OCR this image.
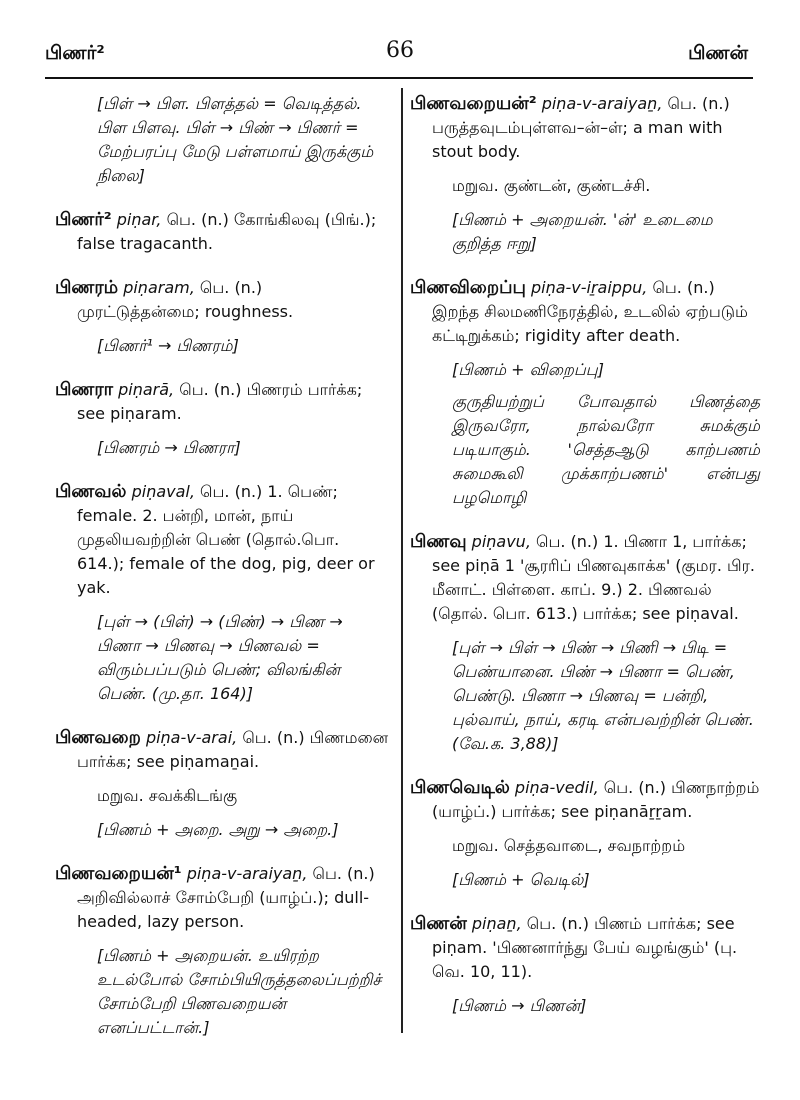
பிணர்²	66	பிணன்
[பிள் → பிள. பிளத்தல் = வெடித்தல். பிள பிளவு. பிள் → பிண் → பிணர் = மேற்பரப்பு மேடு பள்ளமாய் இருக்கும் நிலை]
பிணர்² piṇar, பெ. (n.) கோங்கிலவு (பிங்.); false tragacanth.
பிணரம் piṇaram, பெ. (n.) முரட்டுத்தன்மை; roughness.
[பிணர்¹ → பிணரம்]
பிணரா piṇarā, பெ. (n.) பிணரம் பார்க்க; see piṇaram.
[பிணரம் → பிணரா]
பிணவல் piṇaval, பெ. (n.) 1. பெண்; female. 2. பன்றி, மான், நாய் முதலியவற்றின் பெண் (தொல்.பொ. 614.); female of the dog, pig, deer or yak.
[புள் → (பிள்) → (பிண்) → பிண → பிணா → பிணவு → பிணவல் = விரும்பப்படும் பெண்; விலங்கின் பெண். (மு.தா. 164)]
பிணவறை piṇa-v-arai, பெ. (n.) பிணமனை பார்க்க; see piṇamaṉai.
மறுவ. சவக்கிடங்கு
[பிணம் + அறை. அறு → அறை.]
பிணவறையன்¹ piṇa-v-araiyaṉ, பெ. (n.) அறிவில்லாச் சோம்பேறி (யாழ்ப்.); dull-headed, lazy person.
[பிணம் + அறையன். உயிரற்ற உடல்போல் சோம்பியிருத்தலைப்பற்றிச் சோம்பேறி பிணவறையன் எனப்பட்டான்.]
பிணவறையன்² piṇa-v-araiyaṉ, பெ. (n.) பருத்தவுடம்புள்ளவ–ன்–ள்; a man with stout body.
மறுவ. குண்டன், குண்டச்சி.
[பிணம் + அறையன். 'ன்' உடைமை குறித்த ஈறு]
பிணவிறைப்பு piṇa-v-iṟaippu, பெ. (n.) இறந்த சிலமணிநேரத்தில், உடலில் ஏற்படும் கட்டிறுக்கம்; rigidity after death.
[பிணம் + விறைப்பு]
குருதியற்றுப் போவதால் பிணத்தை இருவரோ, நால்வரோ சுமக்கும் படியாகும். 'செத்தஆடு காற்பணம் சுமைகூலி முக்காற்பணம்' என்பது பழமொழி
பிணவு piṇavu, பெ. (n.) 1. பிணா 1, பார்க்க; see piṇā 1 'சூரரிப் பிணவுகாக்க' (குமர. பிர. மீனாட். பிள்ளை. காப். 9.) 2. பிணவல் (தொல். பொ. 613.) பார்க்க; see piṇaval.
[புள் → பிள் → பிண் → பிணி → பிடி = பெண்யானை. பிண் → பிணா = பெண், பெண்டு. பிணா → பிணவு = பன்றி, புல்வாய், நாய், கரடி என்பவற்றின் பெண். (வே.க. 3,88)]
பிணவெடில் piṇa-vedil, பெ. (n.) பிணநாற்றம் (யாழ்ப்.) பார்க்க; see piṇanāṟṟam.
மறுவ. செத்தவாடை, சவநாற்றம்
[பிணம் + வெடில்]
பிணன் piṇaṉ, பெ. (n.) பிணம் பார்க்க; see piṇam. 'பிணனார்ந்து பேய் வழங்கும்' (பு. வெ. 10, 11).
[பிணம் → பிணன்]
